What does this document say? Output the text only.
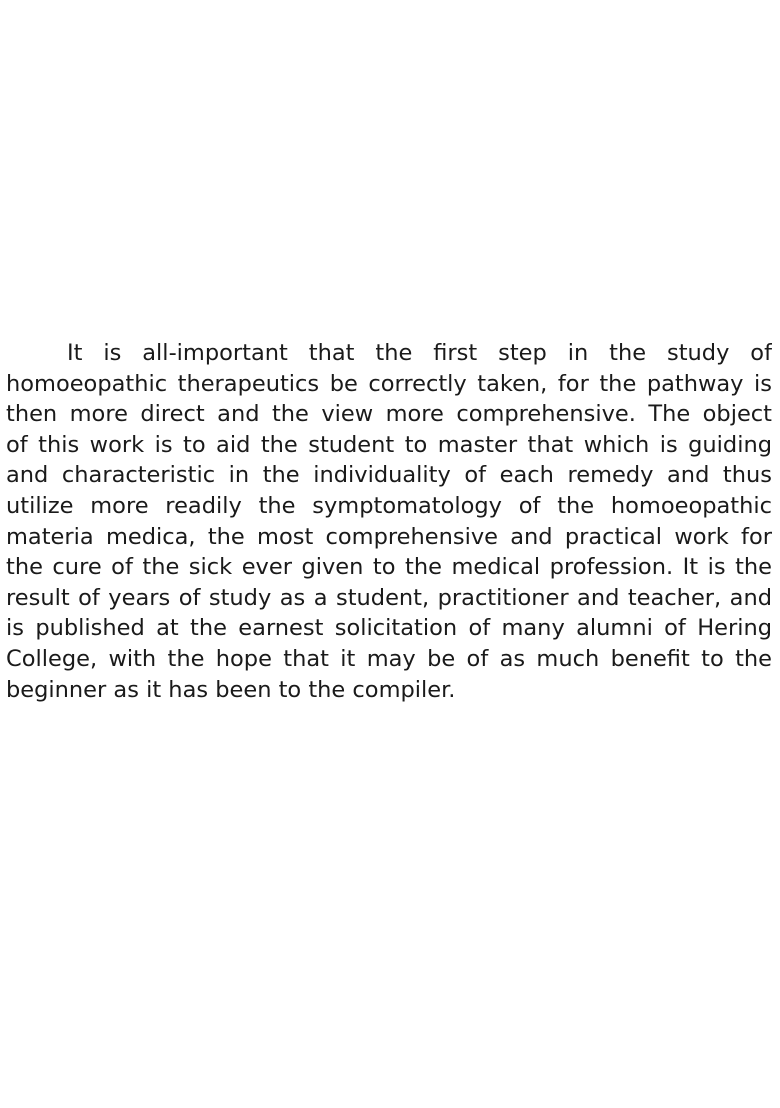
It is all-important that the first step in the study of
homoeopathic therapeutics be correctly taken, for the pathway is
then more direct and the view more comprehensive. The object
of this work is to aid the student to master that which is guiding
and characteristic in the individuality of each remedy and thus
utilize more readily the symptomatology of the homoeopathic
materia medica, the most comprehensive and practical work for
the cure of the sick ever given to the medical profession. It is the
result of years of study as a student, practitioner and teacher, and
is published at the earnest solicitation of many alumni of Hering
College, with the hope that it may be of as much benefit to the
beginner as it has been to the compiler.
